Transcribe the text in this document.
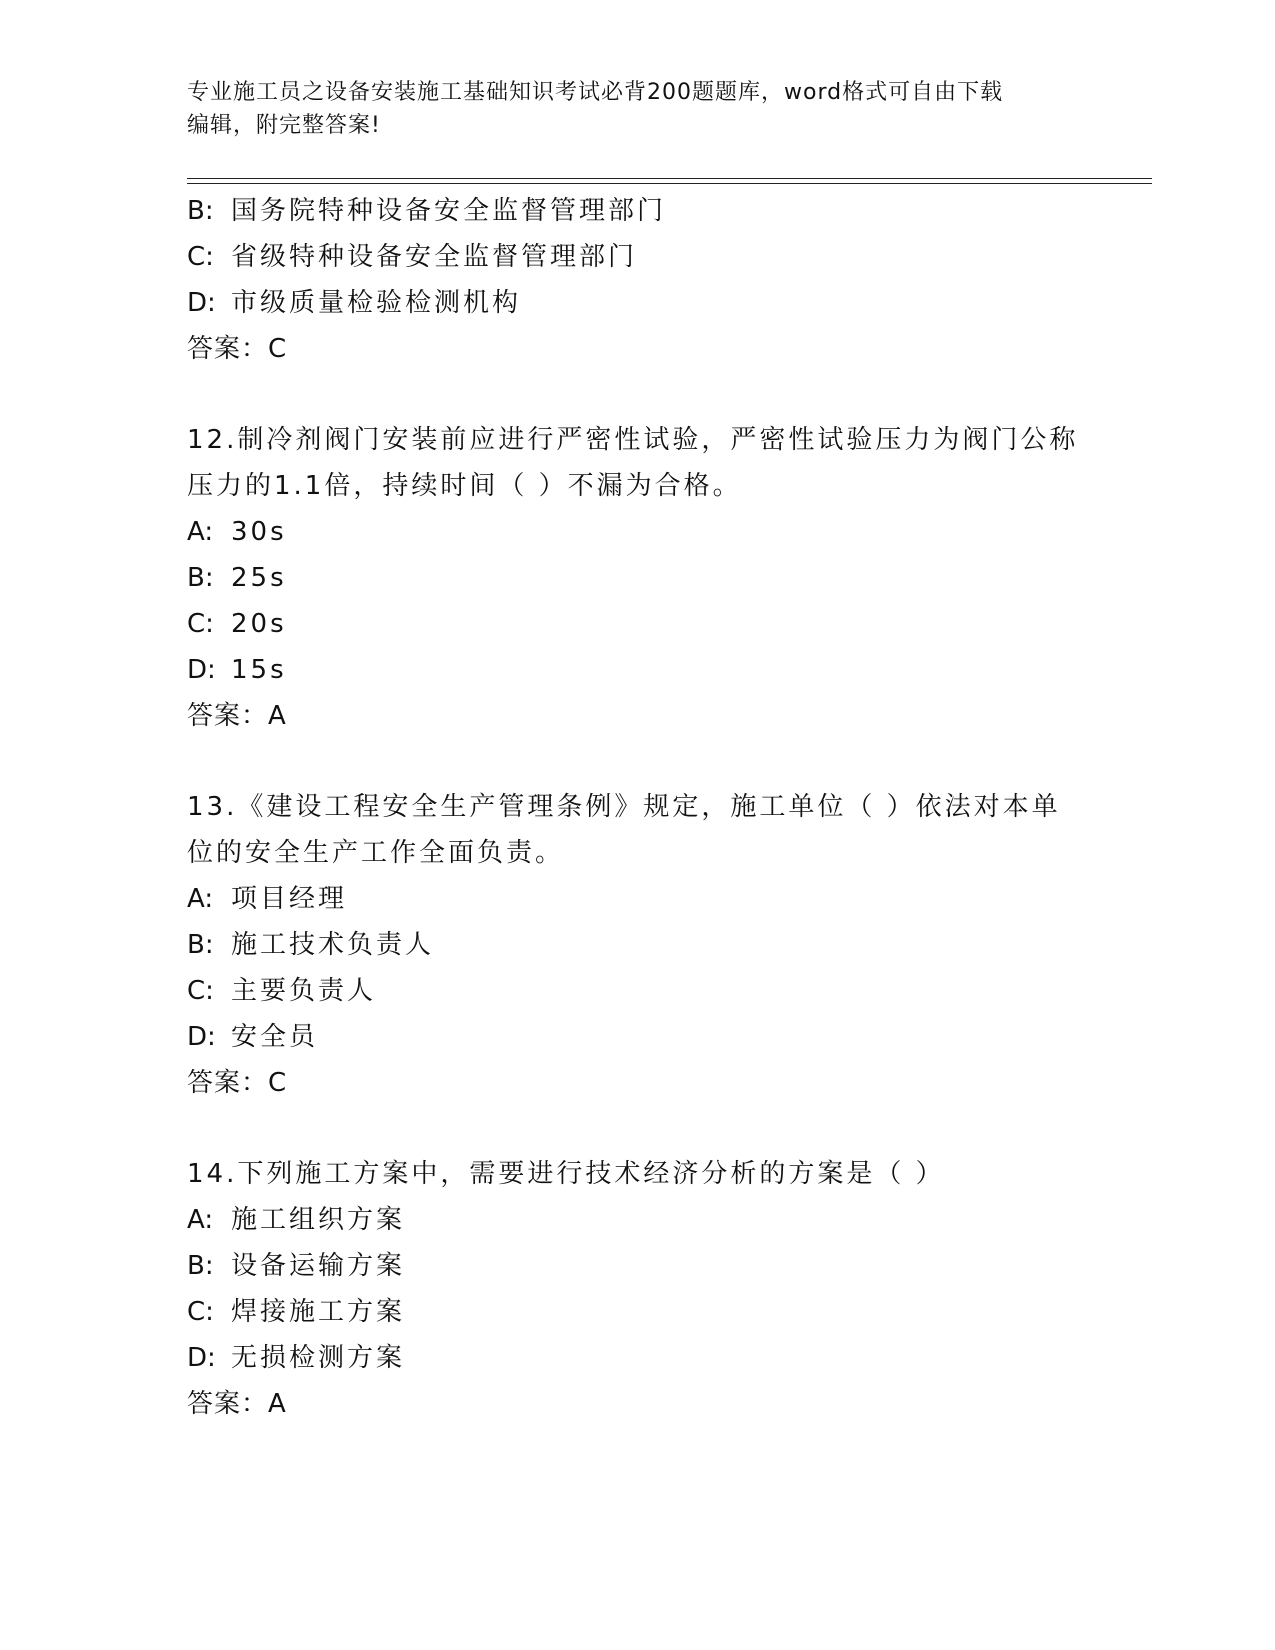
专业施工员之设备安装施工基础知识考试必背200题题库，word格式可自由下载
编辑，附完整答案!
B: 国务院特种设备安全监督管理部门
C: 省级特种设备安全监督管理部门
D: 市级质量检验检测机构
答案：C
12.制冷剂阀门安装前应进行严密性试验，严密性试验压力为阀门公称
压力的1.1倍，持续时间（ ）不漏为合格。
A: 30s
B: 25s
C: 20s
D: 15s
答案：A
13.《建设工程安全生产管理条例》规定，施工单位（ ）依法对本单
位的安全生产工作全面负责。
A: 项目经理
B: 施工技术负责人
C: 主要负责人
D: 安全员
答案：C
14.下列施工方案中，需要进行技术经济分析的方案是（ ）
A: 施工组织方案
B: 设备运输方案
C: 焊接施工方案
D: 无损检测方案
答案：A
